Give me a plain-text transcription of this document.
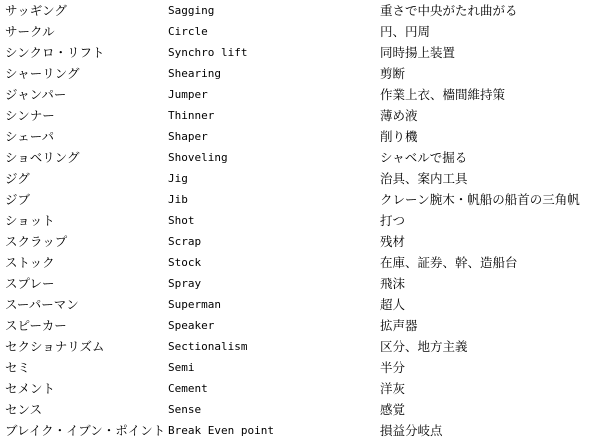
サッギング	Sagging	重さで中央がたれ曲がる
サークル	Circle	円、円周
シンクロ・リフト	Synchro lift	同時揚上装置
シャーリング	Shearing	剪断
ジャンパー	Jumper	作業上衣、檣間維持策
シンナー	Thinner	薄め液
シェーパ	Shaper	削り機
ショベリング	Shoveling	シャベルで掘る
ジグ	Jig	治具、案内工具
ジブ	Jib	クレーン腕木・帆船の船首の三角帆
ショット	Shot	打つ
スクラップ	Scrap	残材
ストック	Stock	在庫、証券、幹、造船台
スプレー	Spray	飛沫
スーパーマン	Superman	超人
スピーカー	Speaker	拡声器
セクショナリズム	Sectionalism	区分、地方主義
セミ	Semi	半分
セメント	Cement	洋灰
センス	Sense	感覚
ブレイク・イブン・ポイント Break Even point	損益分岐点
